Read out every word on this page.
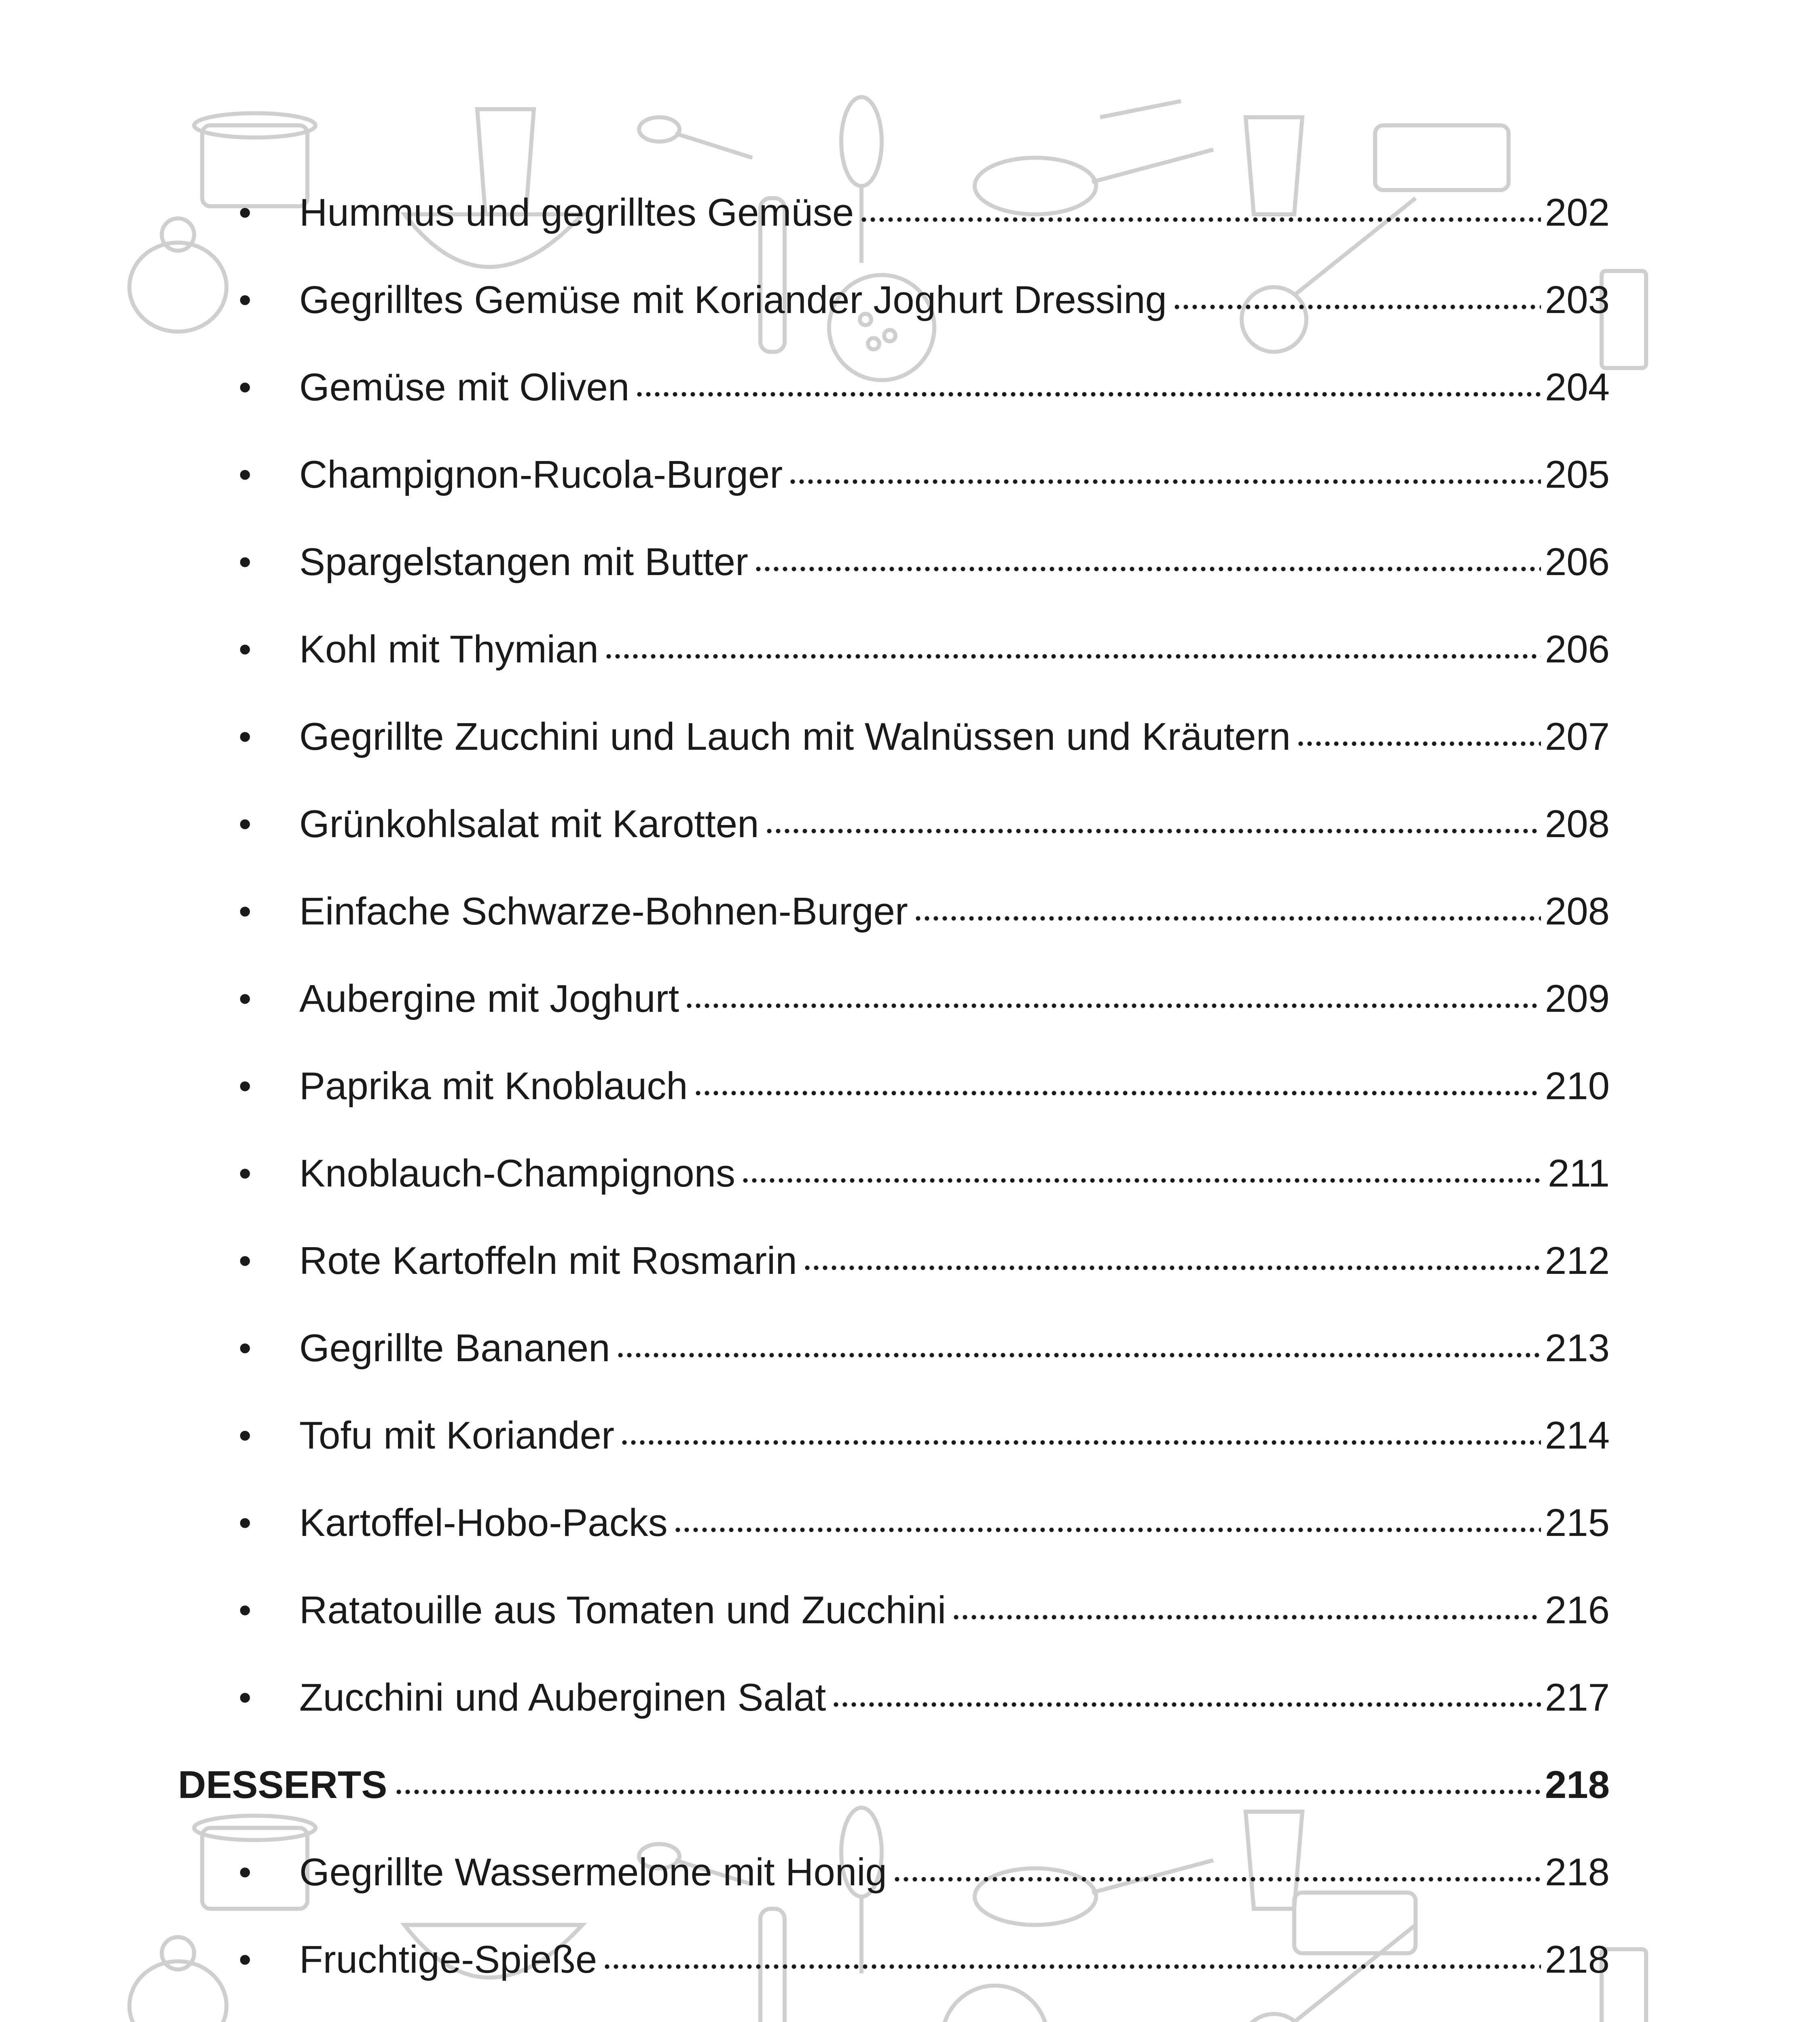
•	Hummus und gegrilltes Gemüse	202
•	Gegrilltes Gemüse mit Koriander Joghurt Dressing	203
•	Gemüse mit Oliven	204
•	Champignon-Rucola-Burger	205
•	Spargelstangen mit Butter	206
•	Kohl mit Thymian	206
•	Gegrillte Zucchini und Lauch mit Walnüssen und Kräutern	207
•	Grünkohlsalat mit Karotten	208
•	Einfache Schwarze-Bohnen-Burger	208
•	Aubergine mit Joghurt	209
•	Paprika mit Knoblauch	210
•	Knoblauch-Champignons	211
•	Rote Kartoffeln mit Rosmarin	212
•	Gegrillte Bananen	213
•	Tofu mit Koriander	214
•	Kartoffel-Hobo-Packs	215
•	Ratatouille aus Tomaten und Zucchini	216
•	Zucchini und Auberginen Salat	217
DESSERTS	218
•	Gegrillte Wassermelone mit Honig	218
•	Fruchtige-Spieße	218
